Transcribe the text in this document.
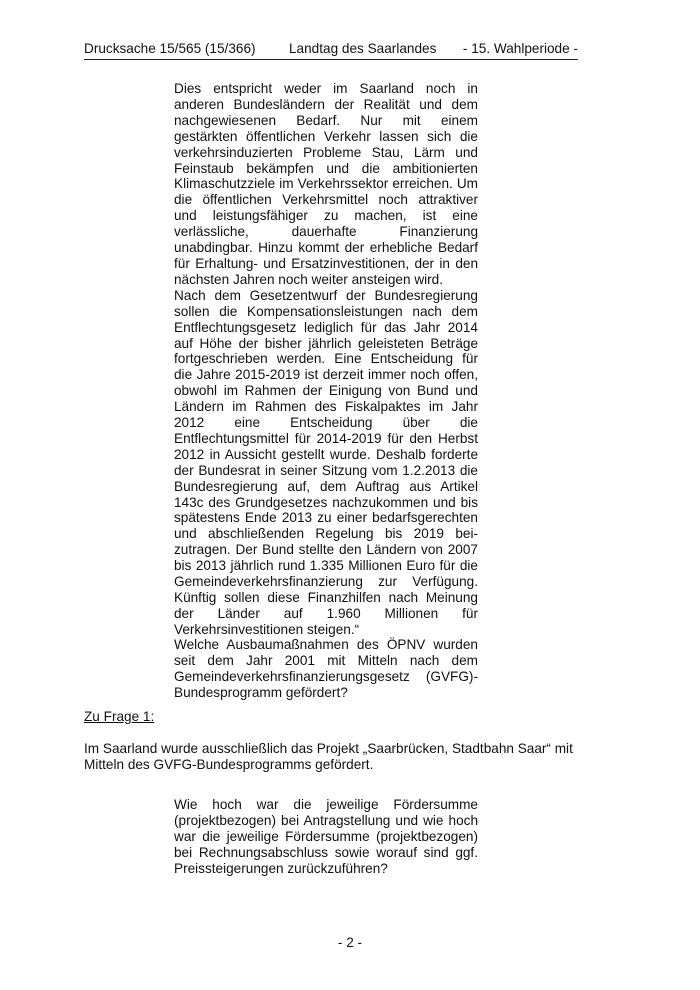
Drucksache 15/565 (15/366) Landtag des Saarlandes - 15. Wahlperiode -

Dies entspricht weder im Saarland noch in anderen Bundesländern der Realität und dem nachgewiesenen Bedarf. Nur mit einem gestärkten öffentlichen Verkehr lassen sich die verkehrsinduzierten Probleme Stau, Lärm und Feinstaub bekämpfen und die ambitionierten Klimaschutzziele im Verkehrssektor erreichen. Um die öffentlichen Verkehrsmittel noch attraktiver und leistungsfähiger zu machen, ist eine verlässliche, dauerhafte Finanzierung unabdingbar. Hinzu kommt der erhebliche Bedarf für Erhaltung- und Ersatzinvestitionen, der in den nächsten Jahren noch weiter ansteigen wird.

Nach dem Gesetzentwurf der Bundesregierung sollen die Kompensationsleistungen nach dem Entflechtungsgesetz lediglich für das Jahr 2014 auf Höhe der bisher jährlich geleisteten Beträge fortgeschrieben werden. Eine Entscheidung für die Jahre 2015-2019 ist derzeit immer noch offen, obwohl im Rahmen der Einigung von Bund und Ländern im Rahmen des Fiskalpaktes im Jahr 2012 eine Entscheidung über die Entflechtungsmittel für 2014-2019 für den Herbst 2012 in Aussicht gestellt wurde. Deshalb forderte der Bundesrat in seiner Sitzung vom 1.2.2013 die Bundesregierung auf, dem Auftrag aus Artikel 143c des Grundgesetzes nachzukommen und bis spätestens Ende 2013 zu einer bedarfsgerechten und abschließenden Regelung bis 2019 bei-zutragen. Der Bund stellte den Ländern von 2007 bis 2013 jährlich rund 1.335 Millionen Euro für die Gemeindeverkehrsfinanzierung zur Verfügung. Künftig sollen diese Finanzhilfen nach Meinung der Länder auf 1.960 Millionen für Verkehrsinvestitionen steigen.“

Welche Ausbaumaßnahmen des ÖPNV wurden seit dem Jahr 2001 mit Mitteln nach dem Gemeindeverkehrsfinanzierungsgesetz (GVFG)-Bundesprogramm gefördert?

Zu Frage 1:

Im Saarland wurde ausschließlich das Projekt „Saarbrücken, Stadtbahn Saar“ mit Mitteln des GVFG-Bundesprogramms gefördert.

Wie hoch war die jeweilige Fördersumme (projektbezogen) bei Antragstellung und wie hoch war die jeweilige Fördersumme (projektbezogen) bei Rechnungsabschluss sowie worauf sind ggf. Preissteigerungen zurückzuführen?

- 2 -
